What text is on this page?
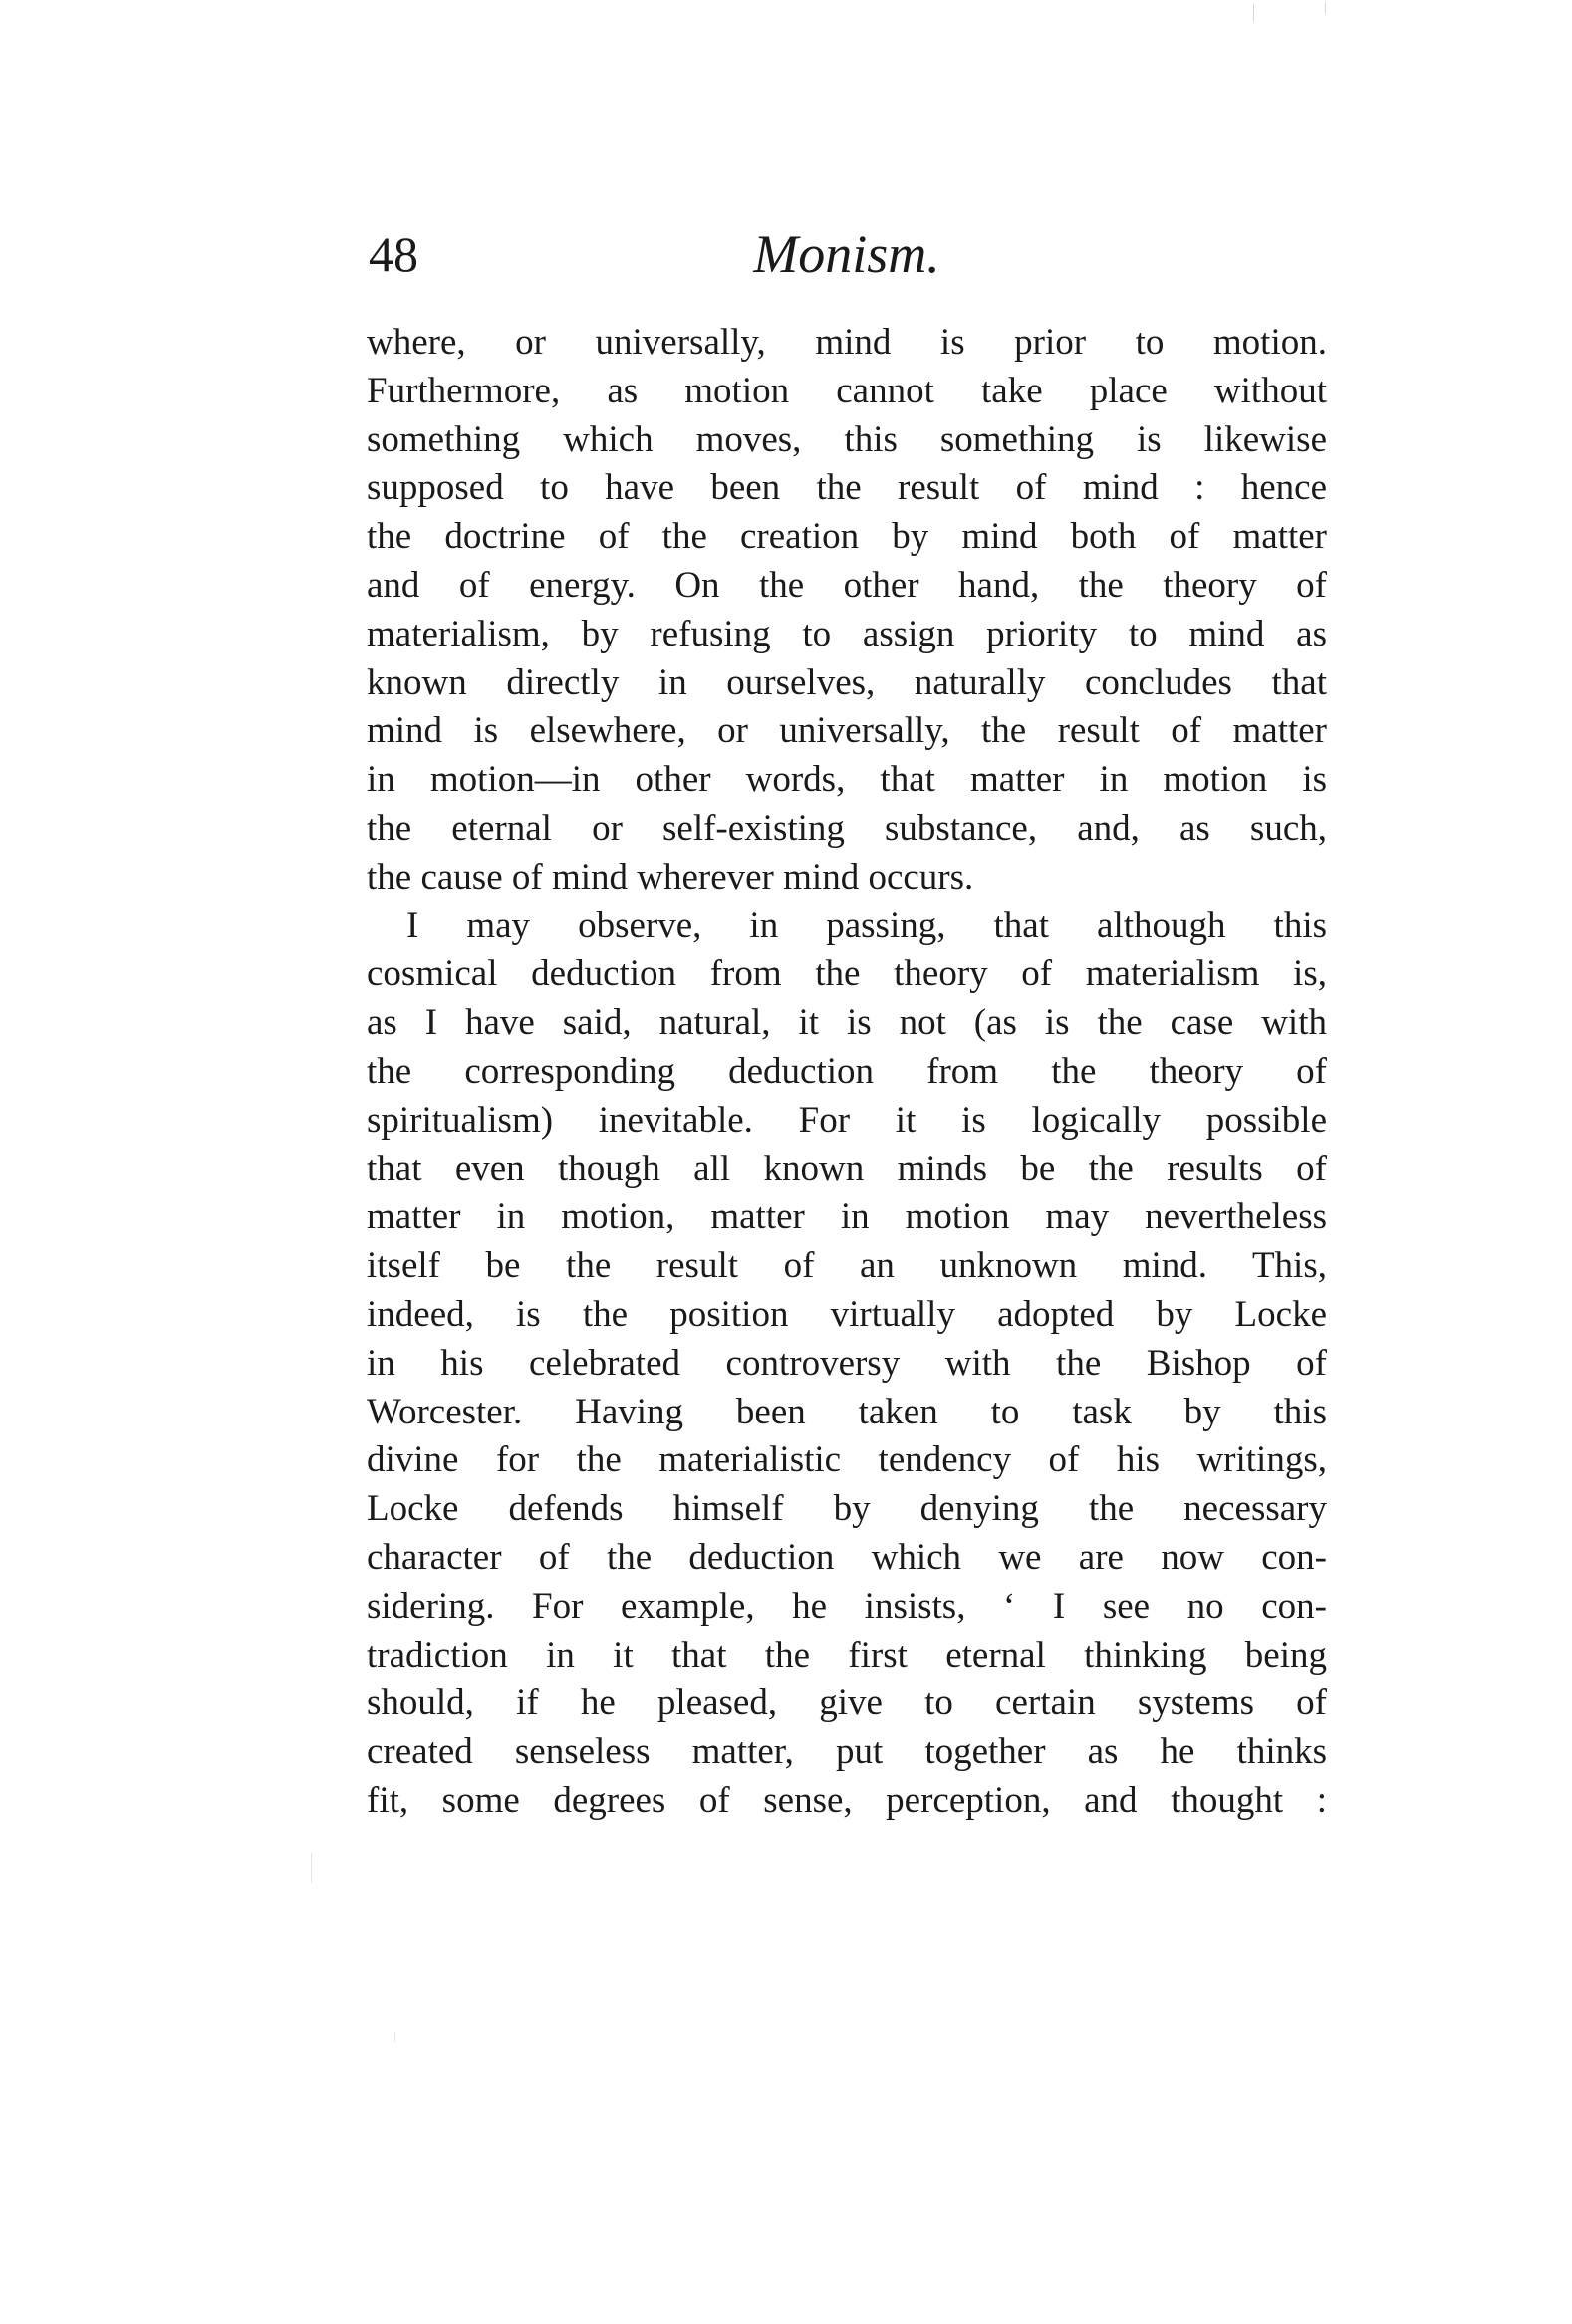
48	Monism.
where, or universally, mind is prior to motion.
Furthermore, as motion cannot take place without
something which moves, this something is likewise
supposed to have been the result of mind : hence
the doctrine of the creation by mind both of matter
and of energy. On the other hand, the theory of
materialism, by refusing to assign priority to mind as
known directly in ourselves, naturally concludes that
mind is elsewhere, or universally, the result of matter
in motion—in other words, that matter in motion is
the eternal or self-existing substance, and, as such,
the cause of mind wherever mind occurs.
I may observe, in passing, that although this
cosmical deduction from the theory of materialism is,
as I have said, natural, it is not (as is the case with
the corresponding deduction from the theory of
spiritualism) inevitable. For it is logically possible
that even though all known minds be the results of
matter in motion, matter in motion may nevertheless
itself be the result of an unknown mind. This,
indeed, is the position virtually adopted by Locke
in his celebrated controversy with the Bishop of
Worcester. Having been taken to task by this
divine for the materialistic tendency of his writings,
Locke defends himself by denying the necessary
character of the deduction which we are now con-
sidering. For example, he insists, ‘ I see no con-
tradiction in it that the first eternal thinking being
should, if he pleased, give to certain systems of
created senseless matter, put together as he thinks
fit, some degrees of sense, perception, and thought :
